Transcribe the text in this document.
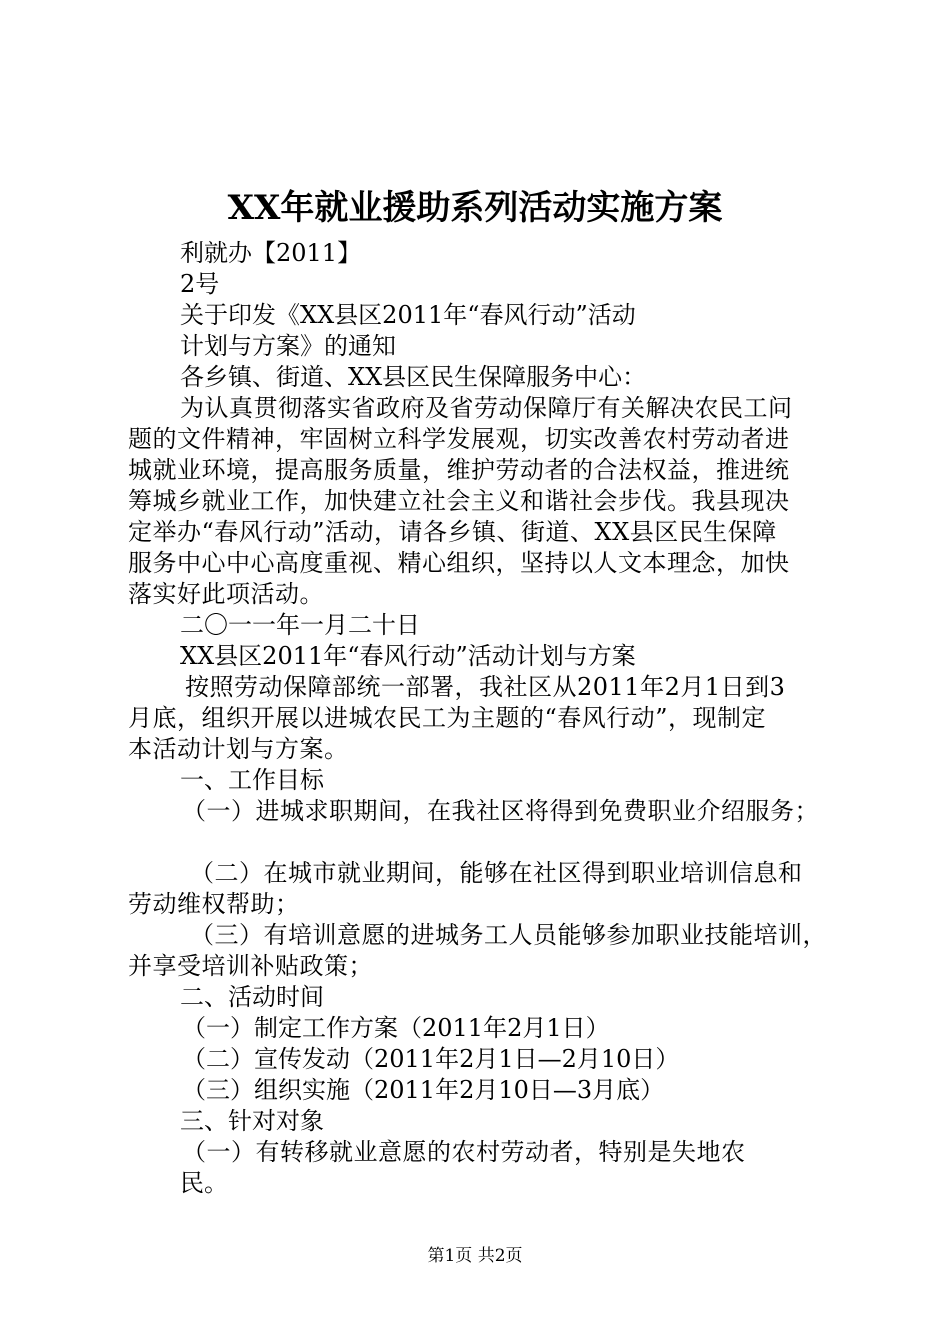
XX年就业援助系列活动实施方案
利就办【2011】
2号
关于印发《XX县区2011年“春风行动”活动
计划与方案》的通知
各乡镇、街道、XX县区民生保障服务中心：
为认真贯彻落实省政府及省劳动保障厅有关解决农民工问
题的文件精神，牢固树立科学发展观，切实改善农村劳动者进
城就业环境，提高服务质量，维护劳动者的合法权益，推进统
筹城乡就业工作，加快建立社会主义和谐社会步伐。我县现决
定举办“春风行动”活动，请各乡镇、街道、XX县区民生保障
服务中心中心高度重视、精心组织，坚持以人文本理念，加快
落实好此项活动。
二〇一一年一月二十日
XX县区2011年“春风行动”活动计划与方案
按照劳动保障部统一部署，我社区从2011年2月1日到3
月底，组织开展以进城农民工为主题的“春风行动”，现制定
本活动计划与方案。
一、工作目标
（一）进城求职期间，在我社区将得到免费职业介绍服务；
（二）在城市就业期间，能够在社区得到职业培训信息和
劳动维权帮助；
（三）有培训意愿的进城务工人员能够参加职业技能培训，
并享受培训补贴政策；
二、活动时间
（一）制定工作方案（2011年2月1日）
（二）宣传发动（2011年2月1日—2月10日）
（三）组织实施（2011年2月10日—3月底）
三、针对对象
（一）有转移就业意愿的农村劳动者，特别是失地农
民。
第1页 共2页
